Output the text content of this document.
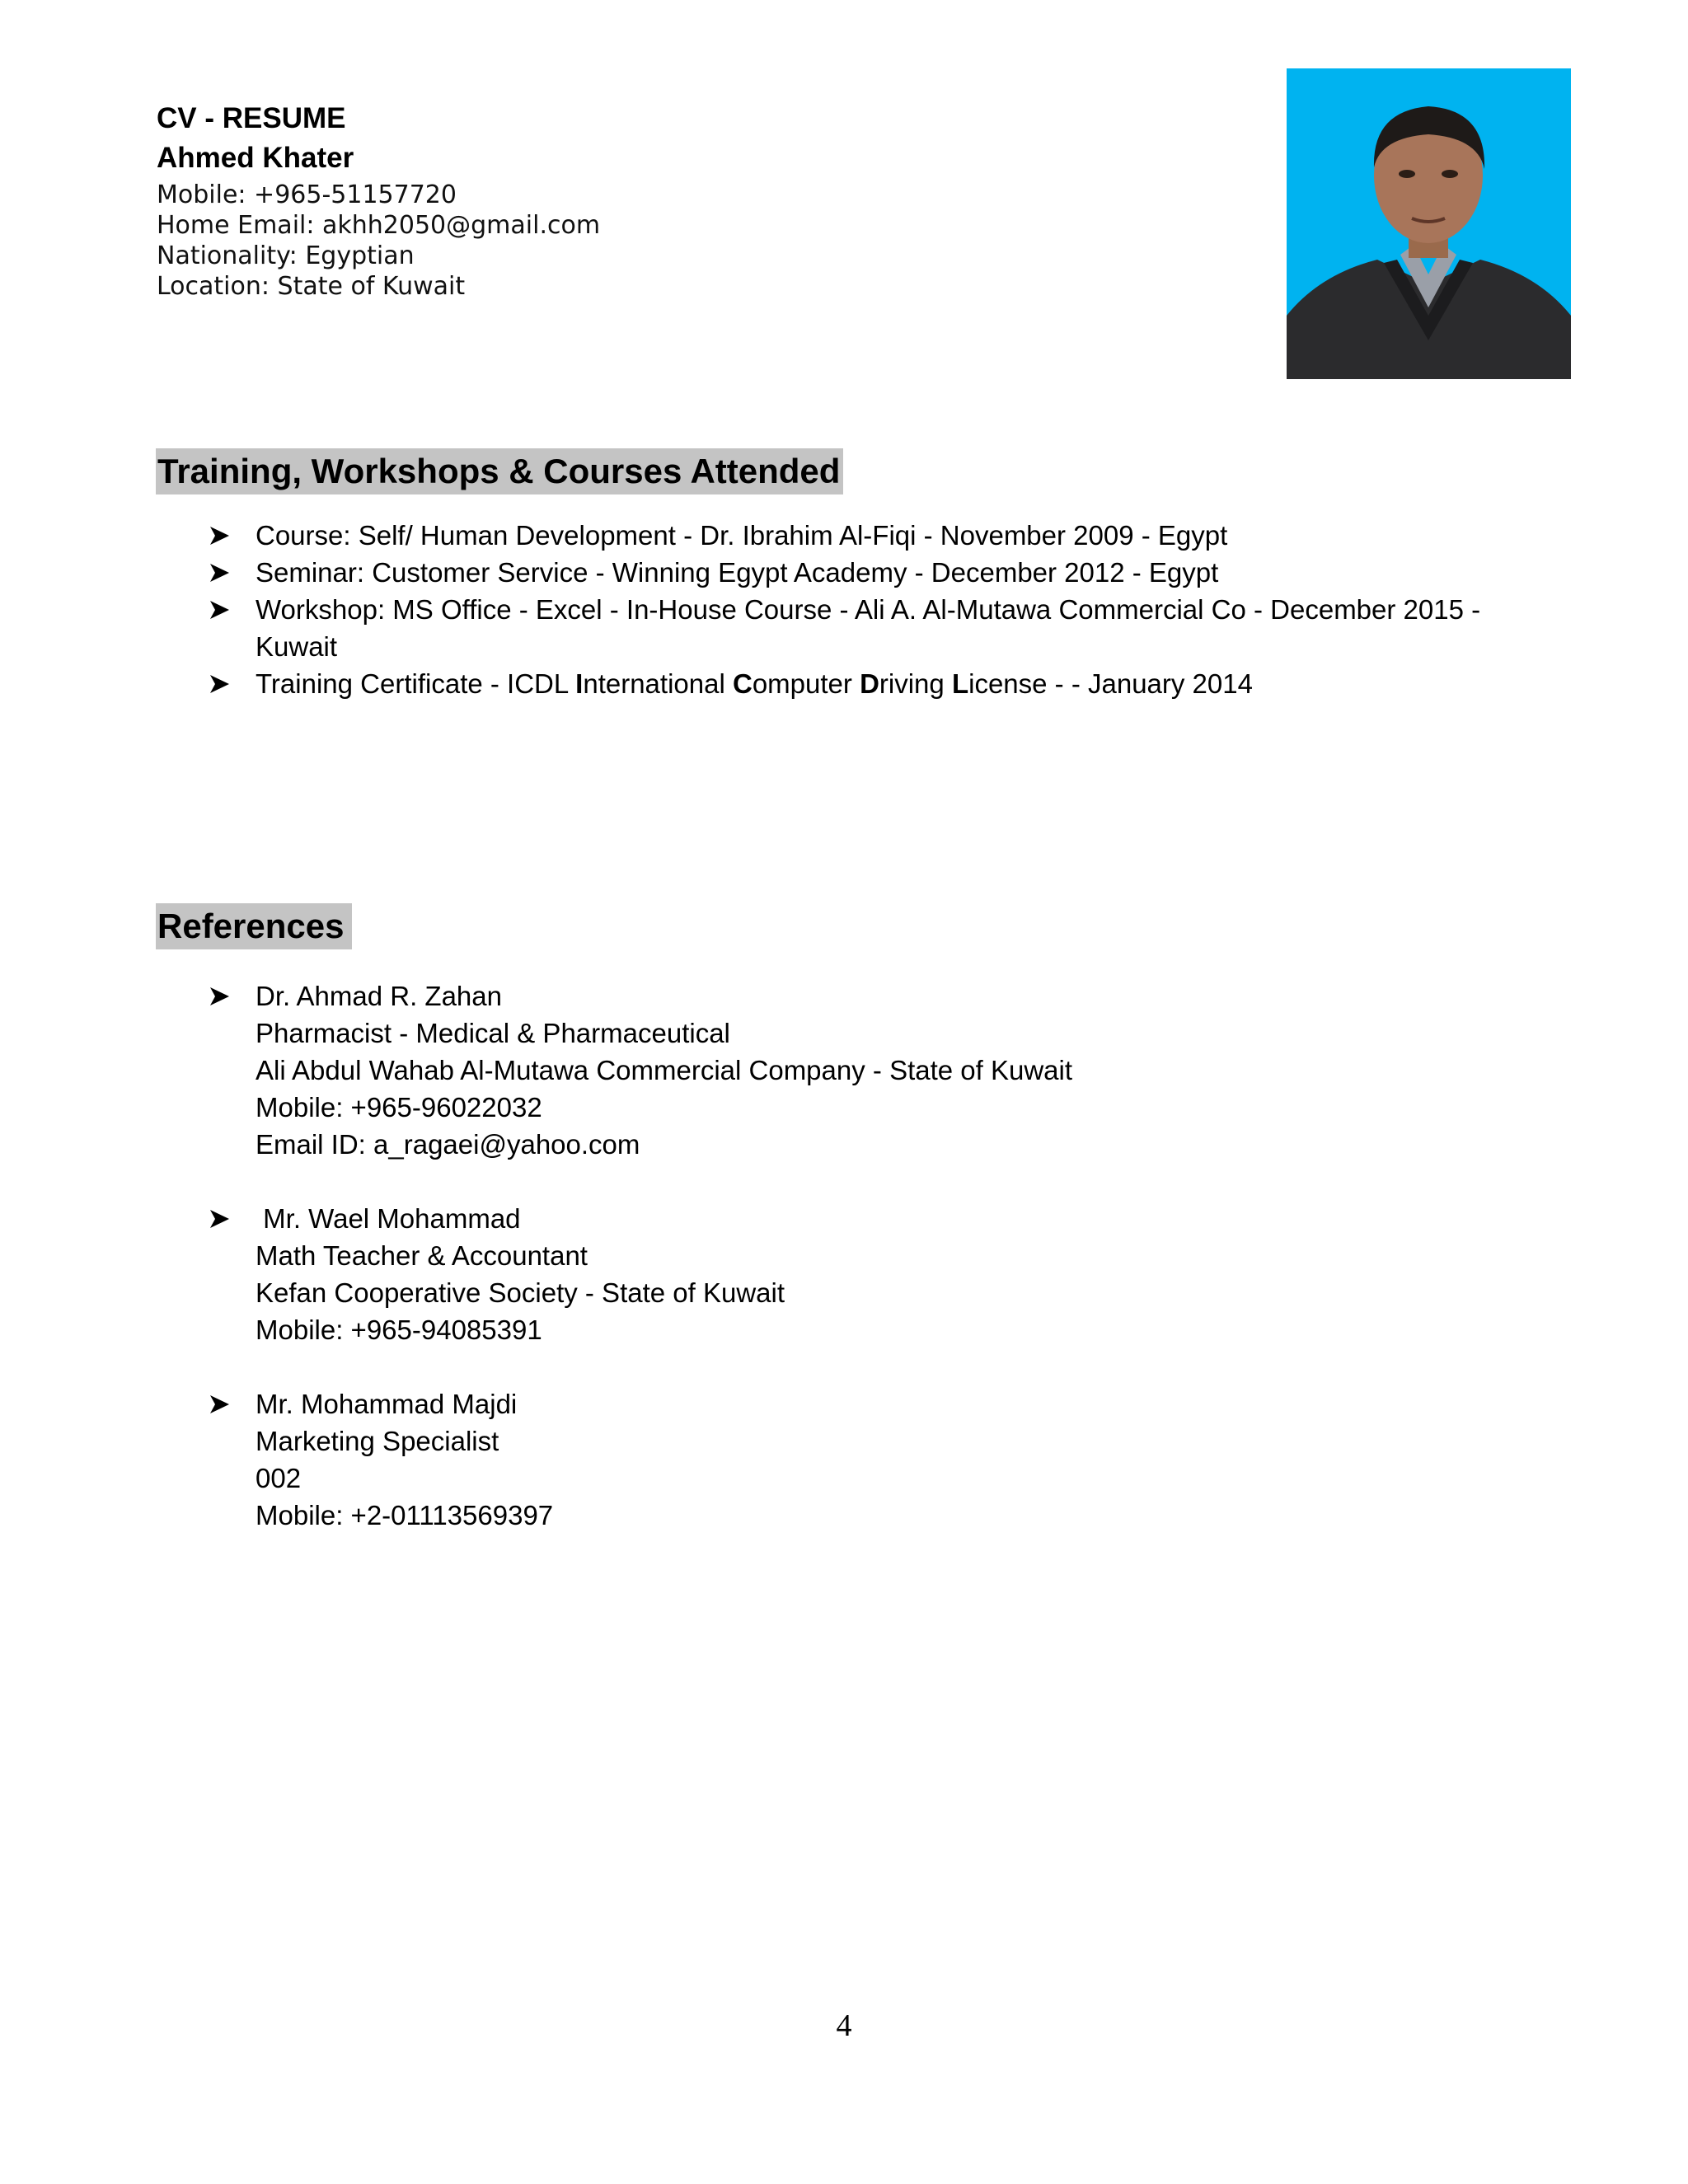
CV - RESUME
Ahmed Khater
Mobile: +965-51157720
Home Email: akhh2050@gmail.com
Nationality: Egyptian
Location: State of Kuwait
Training, Workshops & Courses Attended
Course: Self/ Human Development - Dr. Ibrahim Al-Fiqi - November 2009 - Egypt
Seminar: Customer Service - Winning Egypt Academy - December 2012 - Egypt
Workshop: MS Office - Excel - In-House Course - Ali A. Al-Mutawa Commercial Co - December 2015 - Kuwait
Training Certificate - ICDL International Computer Driving License - - January 2014
References
Dr. Ahmad R. Zahan
Pharmacist - Medical & Pharmaceutical
Ali Abdul Wahab Al-Mutawa Commercial Company - State of Kuwait
Mobile: +965-96022032
Email ID: a_ragaei@yahoo.com
Mr. Wael Mohammad
Math Teacher & Accountant
Kefan Cooperative Society - State of Kuwait
Mobile: +965-94085391
Mr. Mohammad Majdi
Marketing Specialist
002
Mobile: +2-01113569397
4
